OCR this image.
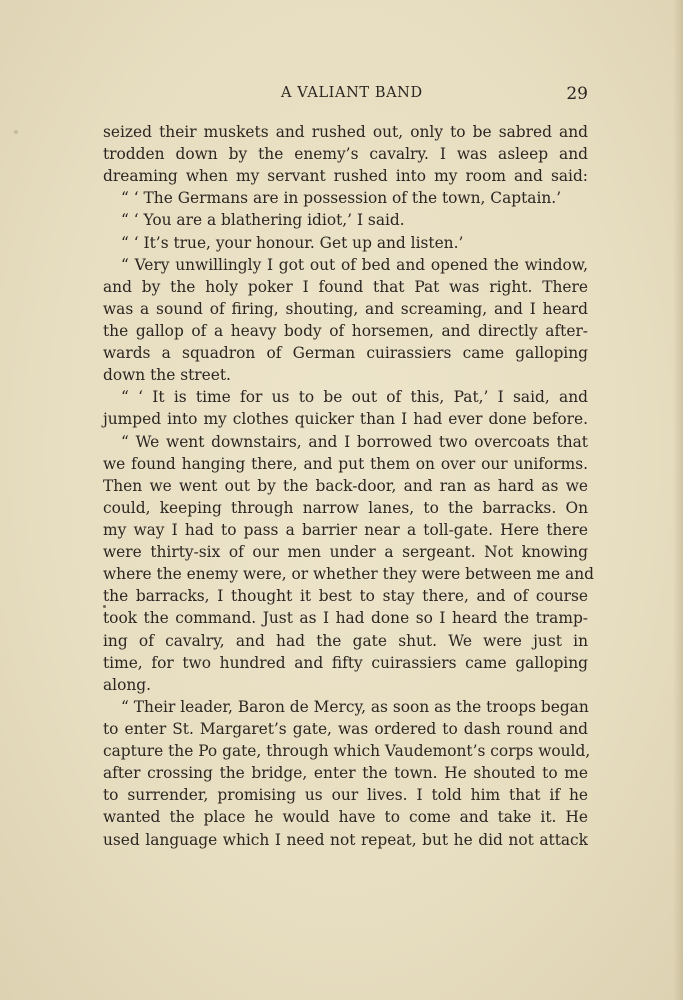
A VALIANT BAND	29
seized their muskets and rushed out, only to be sabred and
trodden down by the enemy’s cavalry. I was asleep and
dreaming when my servant rushed into my room and said:
“ ‘ The Germans are in possession of the town, Captain.’
“ ‘ You are a blathering idiot,’ I said.
“ ‘ It’s true, your honour. Get up and listen.’
“ Very unwillingly I got out of bed and opened the window,
and by the holy poker I found that Pat was right. There
was a sound of firing, shouting, and screaming, and I heard
the gallop of a heavy body of horsemen, and directly after-
wards a squadron of German cuirassiers came galloping
down the street.
“ ‘ It is time for us to be out of this, Pat,’ I said, and
jumped into my clothes quicker than I had ever done before.
“ We went downstairs, and I borrowed two overcoats that
we found hanging there, and put them on over our uniforms.
Then we went out by the back-door, and ran as hard as we
could, keeping through narrow lanes, to the barracks. On
my way I had to pass a barrier near a toll-gate. Here there
were thirty-six of our men under a sergeant. Not knowing
where the enemy were, or whether they were between me and
the barracks, I thought it best to stay there, and of course
took the command. Just as I had done so I heard the tramp-
ing of cavalry, and had the gate shut. We were just in
time, for two hundred and fifty cuirassiers came galloping
along.
“ Their leader, Baron de Mercy, as soon as the troops began
to enter St. Margaret’s gate, was ordered to dash round and
capture the Po gate, through which Vaudemont’s corps would,
after crossing the bridge, enter the town. He shouted to me
to surrender, promising us our lives. I told him that if he
wanted the place he would have to come and take it. He
used language which I need not repeat, but he did not attack
